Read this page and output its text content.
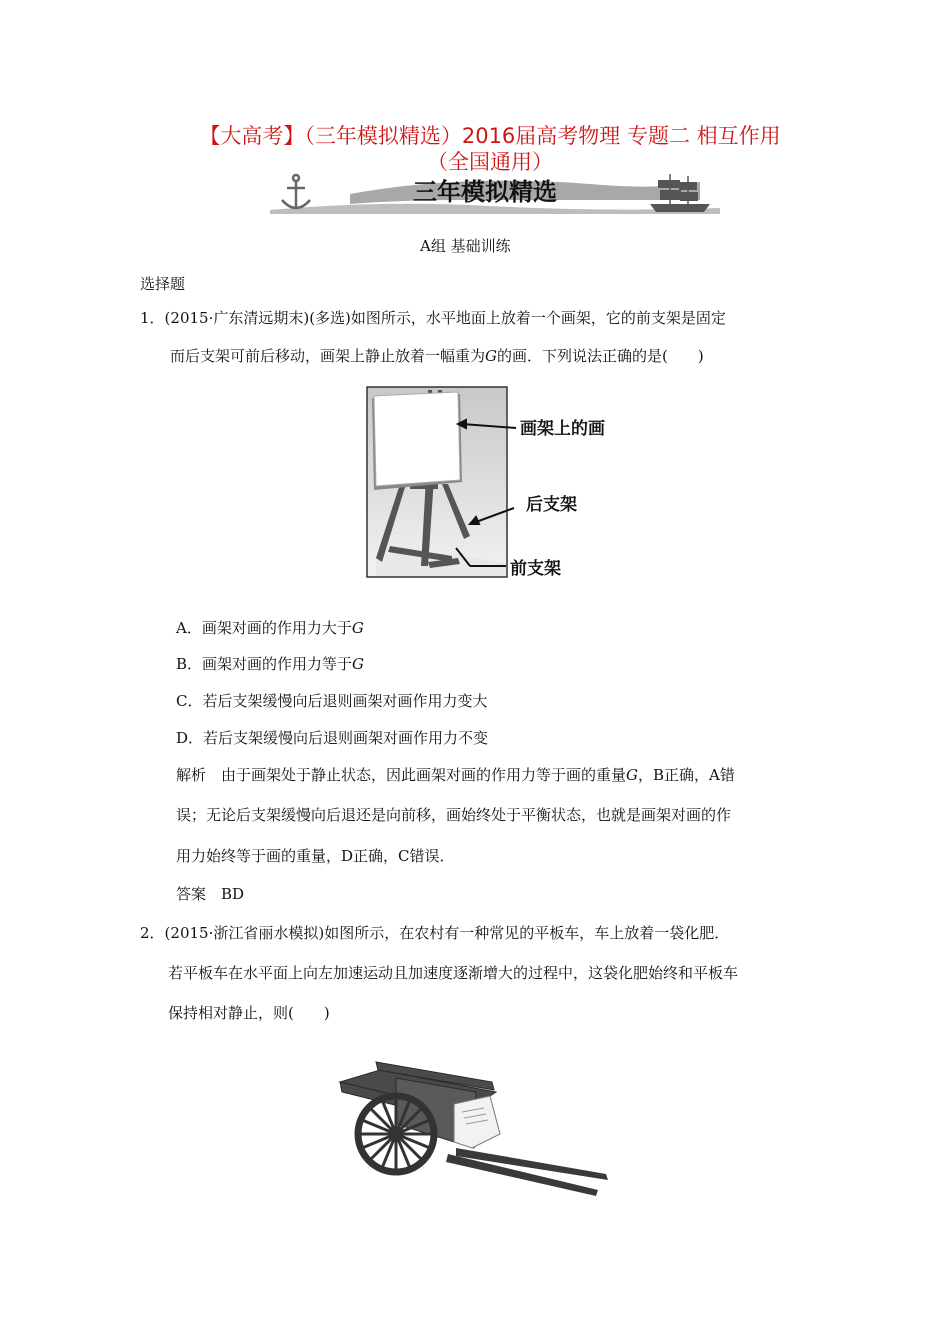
【大高考】（三年模拟精选）2016届高考物理 专题二 相互作用
（全国通用）
三年模拟精选
A组 基础训练
选择题
1．(2015·广东清远期末)(多选)如图所示，水平地面上放着一个画架，它的前支架是固定
而后支架可前后移动，画架上静止放着一幅重为G的画．下列说法正确的是(　　)
画架上的画
后支架
前支架
A．画架对画的作用力大于G
B．画架对画的作用力等于G
C．若后支架缓慢向后退则画架对画作用力变大
D．若后支架缓慢向后退则画架对画作用力不变
解析　由于画架处于静止状态，因此画架对画的作用力等于画的重量G，B正确，A错
误；无论后支架缓慢向后退还是向前移，画始终处于平衡状态，也就是画架对画的作
用力始终等于画的重量，D正确，C错误．
答案　BD
2．(2015·浙江省丽水模拟)如图所示，在农村有一种常见的平板车，车上放着一袋化肥．
若平板车在水平面上向左加速运动且加速度逐渐增大的过程中，这袋化肥始终和平板车
保持相对静止，则(　　)
